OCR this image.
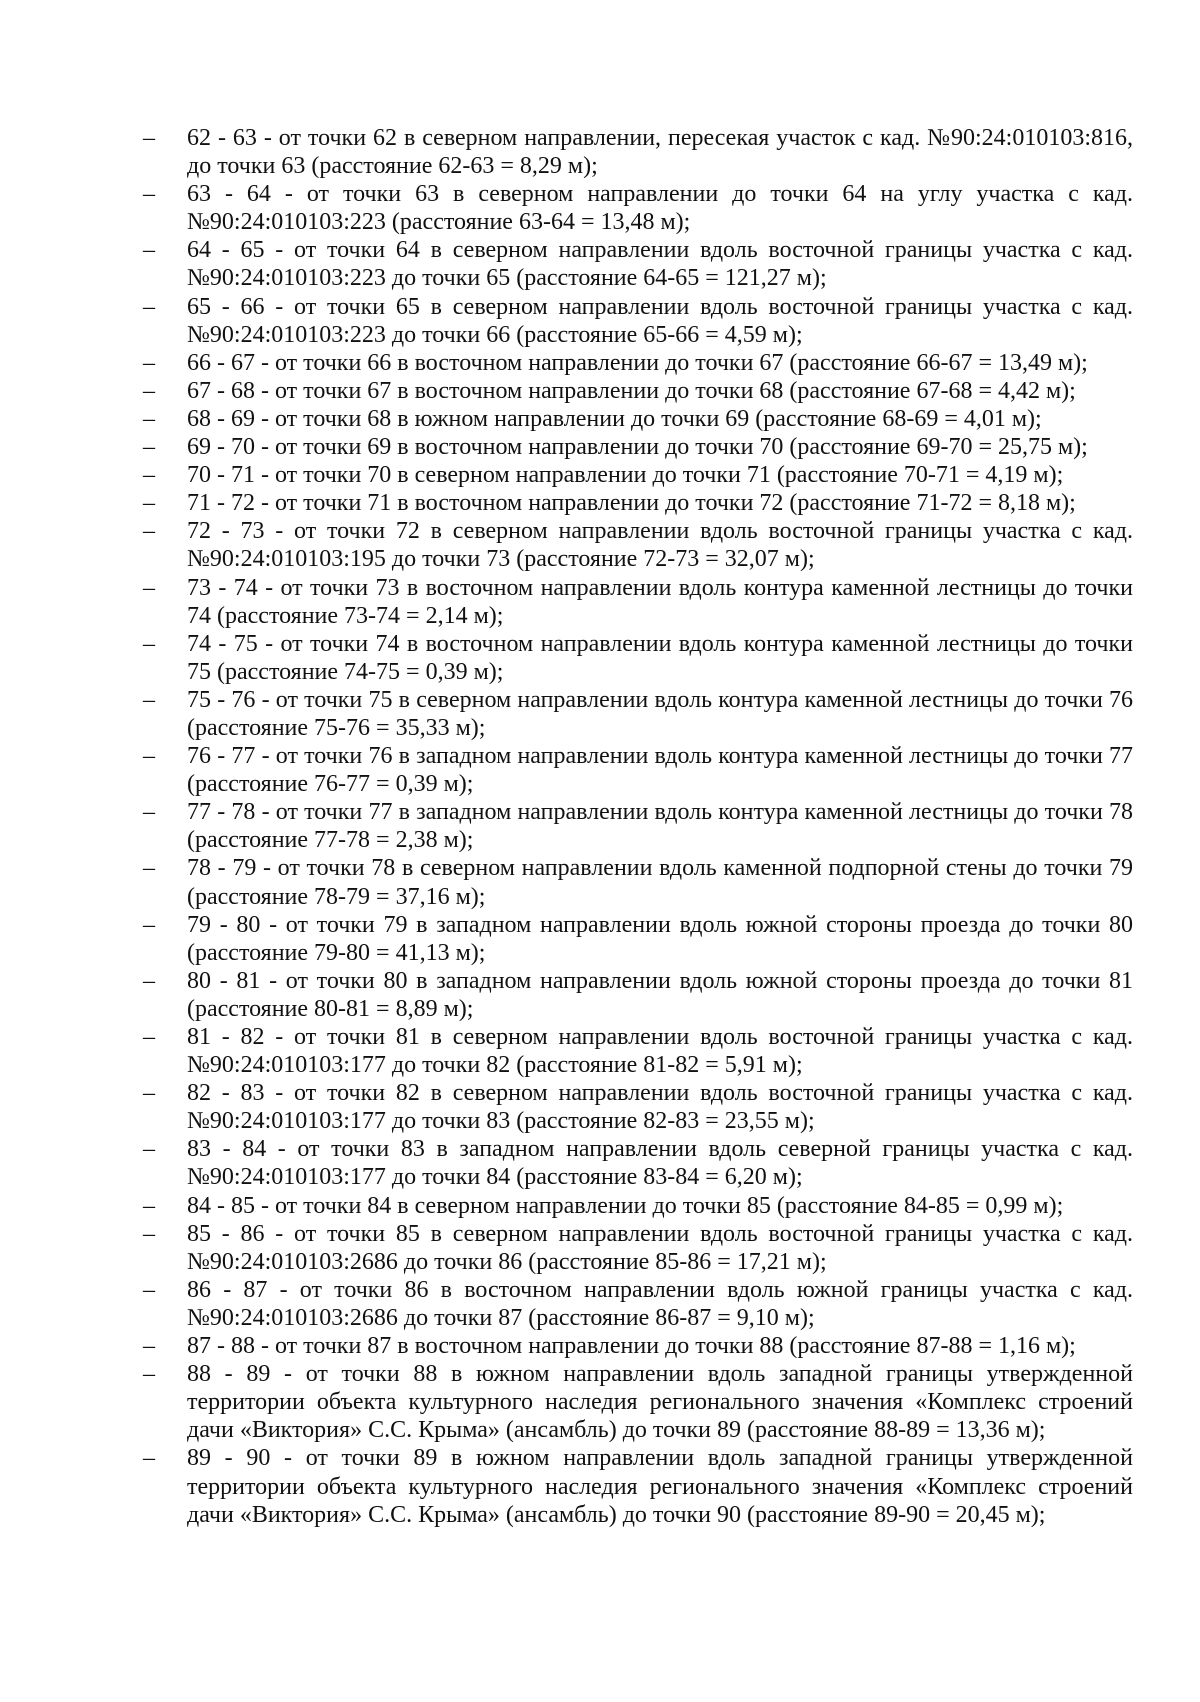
–	62 - 63 - от точки 62 в северном направлении, пересекая участок с кад. №90:24:010103:816, до точки 63 (расстояние 62-63 = 8,29 м);
–	63 - 64 - от точки 63 в северном направлении до точки 64 на углу участка с кад. №90:24:010103:223 (расстояние 63-64 = 13,48 м);
–	64 - 65 - от точки 64 в северном направлении вдоль восточной границы участка с кад. №90:24:010103:223 до точки 65 (расстояние 64-65 = 121,27 м);
–	65 - 66 - от точки 65 в северном направлении вдоль восточной границы участка с кад. №90:24:010103:223 до точки 66 (расстояние 65-66 = 4,59 м);
–	66 - 67 - от точки 66 в восточном направлении до точки 67 (расстояние 66-67 = 13,49 м);
–	67 - 68 - от точки 67 в восточном направлении до точки 68 (расстояние 67-68 = 4,42 м);
–	68 - 69 - от точки 68 в южном направлении до точки 69 (расстояние 68-69 = 4,01 м);
–	69 - 70 - от точки 69 в восточном направлении до точки 70 (расстояние 69-70 = 25,75 м);
–	70 - 71 - от точки 70 в северном направлении до точки 71 (расстояние 70-71 = 4,19 м);
–	71 - 72 - от точки 71 в восточном направлении до точки 72 (расстояние 71-72 = 8,18 м);
–	72 - 73 - от точки 72 в северном направлении вдоль восточной границы участка с кад. №90:24:010103:195 до точки 73 (расстояние 72-73 = 32,07 м);
–	73 - 74 - от точки 73 в восточном направлении вдоль контура каменной лестницы до точки 74 (расстояние 73-74 = 2,14 м);
–	74 - 75 - от точки 74 в восточном направлении вдоль контура каменной лестницы до точки 75 (расстояние 74-75 = 0,39 м);
–	75 - 76 - от точки 75 в северном направлении вдоль контура каменной лестницы до точки 76 (расстояние 75-76 = 35,33 м);
–	76 - 77 - от точки 76 в западном направлении вдоль контура каменной лестницы до точки 77 (расстояние 76-77 = 0,39 м);
–	77 - 78 - от точки 77 в западном направлении вдоль контура каменной лестницы до точки 78 (расстояние 77-78 = 2,38 м);
–	78 - 79 - от точки 78 в северном направлении вдоль каменной подпорной стены до точки 79 (расстояние 78-79 = 37,16 м);
–	79 - 80 - от точки 79 в западном направлении вдоль южной стороны проезда до точки 80 (расстояние 79-80 = 41,13 м);
–	80 - 81 - от точки 80 в западном направлении вдоль южной стороны проезда до точки 81 (расстояние 80-81 = 8,89 м);
–	81 - 82 - от точки 81 в северном направлении вдоль восточной границы участка с кад. №90:24:010103:177 до точки 82 (расстояние 81-82 = 5,91 м);
–	82 - 83 - от точки 82 в северном направлении вдоль восточной границы участка с кад. №90:24:010103:177 до точки 83 (расстояние 82-83 = 23,55 м);
–	83 - 84 - от точки 83 в западном направлении вдоль северной границы участка с кад. №90:24:010103:177 до точки 84 (расстояние 83-84 = 6,20 м);
–	84 - 85 - от точки 84 в северном направлении до точки 85 (расстояние 84-85 = 0,99 м);
–	85 - 86 - от точки 85 в северном направлении вдоль восточной границы участка с кад. №90:24:010103:2686 до точки 86 (расстояние 85-86 = 17,21 м);
–	86 - 87 - от точки 86 в восточном направлении вдоль южной границы участка с кад. №90:24:010103:2686 до точки 87 (расстояние 86-87 = 9,10 м);
–	87 - 88 - от точки 87 в восточном направлении до точки 88 (расстояние 87-88 = 1,16 м);
–	88 - 89 - от точки 88 в южном направлении вдоль западной границы утвержденной территории объекта культурного наследия регионального значения «Комплекс строений дачи «Виктория» С.С. Крыма» (ансамбль) до точки 89 (расстояние 88-89 = 13,36 м);
–	89 - 90 - от точки 89 в южном направлении вдоль западной границы утвержденной территории объекта культурного наследия регионального значения «Комплекс строений дачи «Виктория» С.С. Крыма» (ансамбль) до точки 90 (расстояние 89-90 = 20,45 м);
